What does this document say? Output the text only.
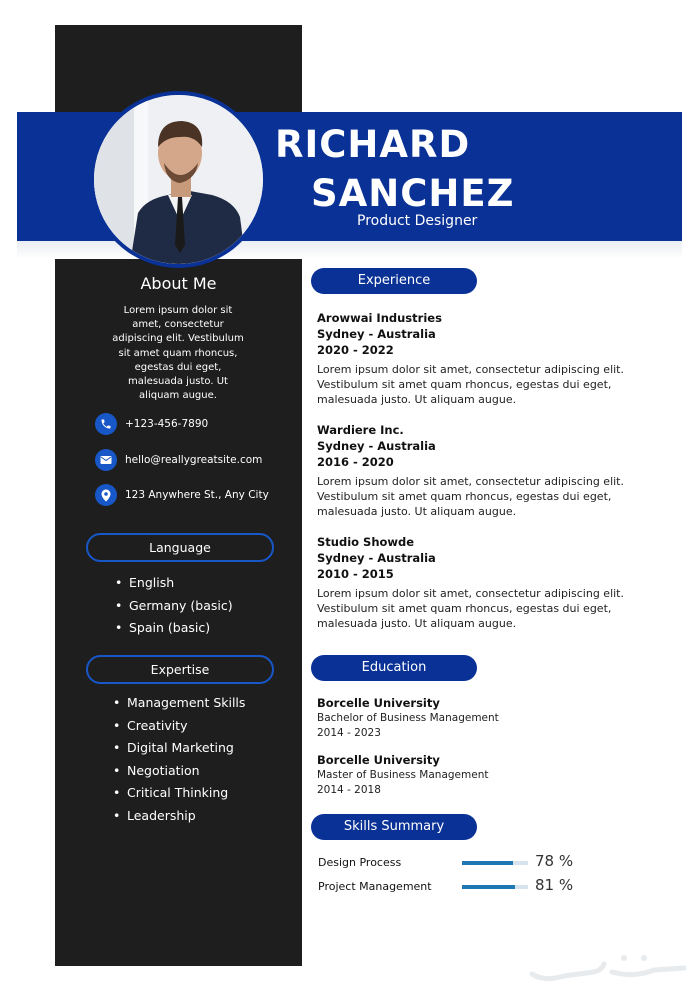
RICHARD
SANCHEZ
Product Designer
About Me
Lorem ipsum dolor sit amet, consectetur adipiscing elit. Vestibulum sit amet quam rhoncus, egestas dui eget, malesuada justo. Ut aliquam augue.
+123-456-7890
hello@reallygreatsite.com
123 Anywhere St., Any City
Language
• English
• Germany (basic)
• Spain (basic)
Expertise
• Management Skills
• Creativity
• Digital Marketing
• Negotiation
• Critical Thinking
• Leadership
Experience
Arowwai Industries
Sydney - Australia
2020 - 2022
Lorem ipsum dolor sit amet, consectetur adipiscing elit. Vestibulum sit amet quam rhoncus, egestas dui eget, malesuada justo. Ut aliquam augue.
Wardiere Inc.
Sydney - Australia
2016 - 2020
Lorem ipsum dolor sit amet, consectetur adipiscing elit. Vestibulum sit amet quam rhoncus, egestas dui eget, malesuada justo. Ut aliquam augue.
Studio Showde
Sydney - Australia
2010 - 2015
Lorem ipsum dolor sit amet, consectetur adipiscing elit. Vestibulum sit amet quam rhoncus, egestas dui eget, malesuada justo. Ut aliquam augue.
Education
Borcelle University
Bachelor of Business Management
2014 - 2023
Borcelle University
Master of Business Management
2014 - 2018
Skills Summary
Design Process	78 %
Project Management	81 %
